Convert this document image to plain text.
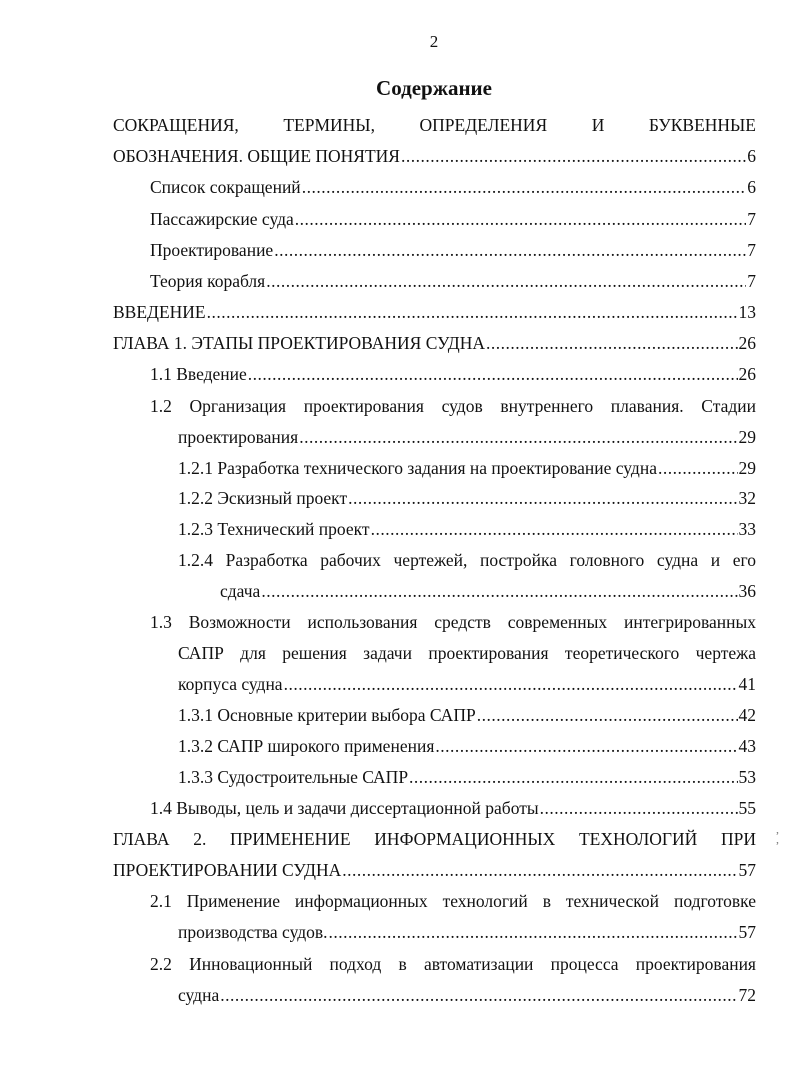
2
Содержание
СОКРАЩЕНИЯ, ТЕРМИНЫ, ОПРЕДЕЛЕНИЯ И БУКВЕННЫЕ
ОБОЗНАЧЕНИЯ. ОБЩИЕ ПОНЯТИЯ .....	6
Список сокращений .....	6
Пассажирские суда .....	7
Проектирование .....	7
Теория корабля .....	7
ВВЕДЕНИЕ .....	13
ГЛАВА 1. ЭТАПЫ ПРОЕКТИРОВАНИЯ СУДНА .....	26
1.1 Введение .....	26
1.2 Организация проектирования судов внутреннего плавания. Стадии
проектирования .....	29
1.2.1 Разработка технического задания на проектирование судна .....	29
1.2.2 Эскизный проект .....	32
1.2.3 Технический проект .....	33
1.2.4 Разработка рабочих чертежей, постройка головного судна и его
сдача .....	36
1.3 Возможности использования средств современных интегрированных
САПР для решения задачи проектирования теоретического чертежа
корпуса судна .....	41
1.3.1 Основные критерии выбора САПР .....	42
1.3.2 САПР широкого применения .....	43
1.3.3 Судостроительные САПР .....	53
1.4 Выводы, цель и задачи диссертационной работы .....	55
ГЛАВА 2. ПРИМЕНЕНИЕ ИНФОРМАЦИОННЫХ ТЕХНОЛОГИЙ ПРИ
ПРОЕКТИРОВАНИИ СУДНА .....	57
2.1 Применение информационных технологий в технической подготовке
производства судов. .....	57
2.2 Инновационный подход в автоматизации процесса проектирования
судна .....	72
,
,
